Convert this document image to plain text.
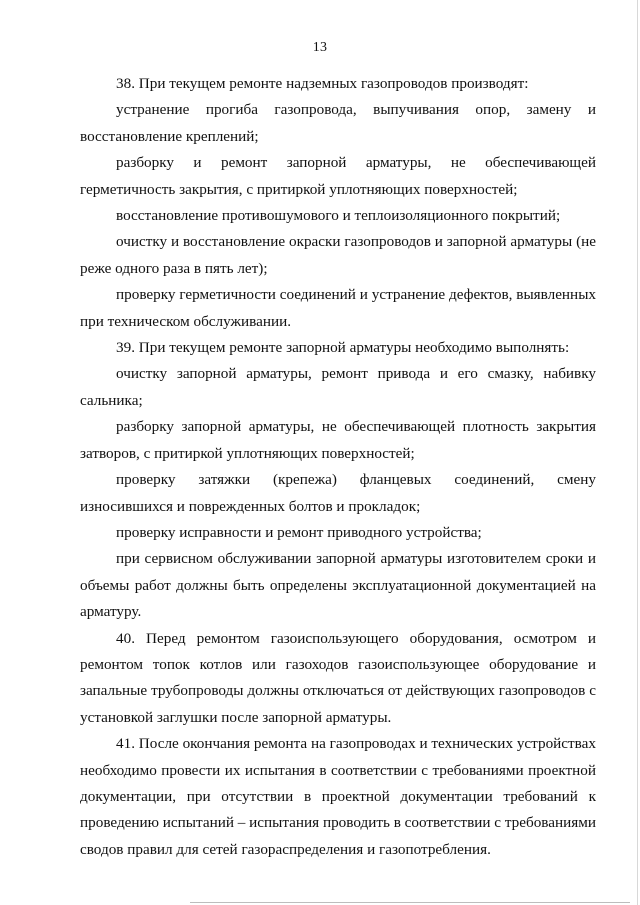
13

38. При текущем ремонте надземных газопроводов производят:

устранение прогиба газопровода, выпучивания опор, замену и восстановление креплений;

разборку и ремонт запорной арматуры, не обеспечивающей герметичность закрытия, с притиркой уплотняющих поверхностей;

восстановление противошумового и теплоизоляционного покрытий;

очистку и восстановление окраски газопроводов и запорной арматуры (не реже одного раза в пять лет);

проверку герметичности соединений и устранение дефектов, выявленных при техническом обслуживании.

39. При текущем ремонте запорной арматуры необходимо выполнять:

очистку запорной арматуры, ремонт привода и его смазку, набивку сальника;

разборку запорной арматуры, не обеспечивающей плотность закрытия затворов, с притиркой уплотняющих поверхностей;

проверку затяжки (крепежа) фланцевых соединений, смену износившихся и поврежденных болтов и прокладок;

проверку исправности и ремонт приводного устройства;

при сервисном обслуживании запорной арматуры изготовителем сроки и объемы работ должны быть определены эксплуатационной документацией на арматуру.

40. Перед ремонтом газоиспользующего оборудования, осмотром и ремонтом топок котлов или газоходов газоиспользующее оборудование и запальные трубопроводы должны отключаться от действующих газопроводов с установкой заглушки после запорной арматуры.

41. После окончания ремонта на газопроводах и технических устройствах необходимо провести их испытания в соответствии с требованиями проектной документации, при отсутствии в проектной документации требований к проведению испытаний – испытания проводить в соответствии с требованиями сводов правил для сетей газораспределения и газопотребления.
